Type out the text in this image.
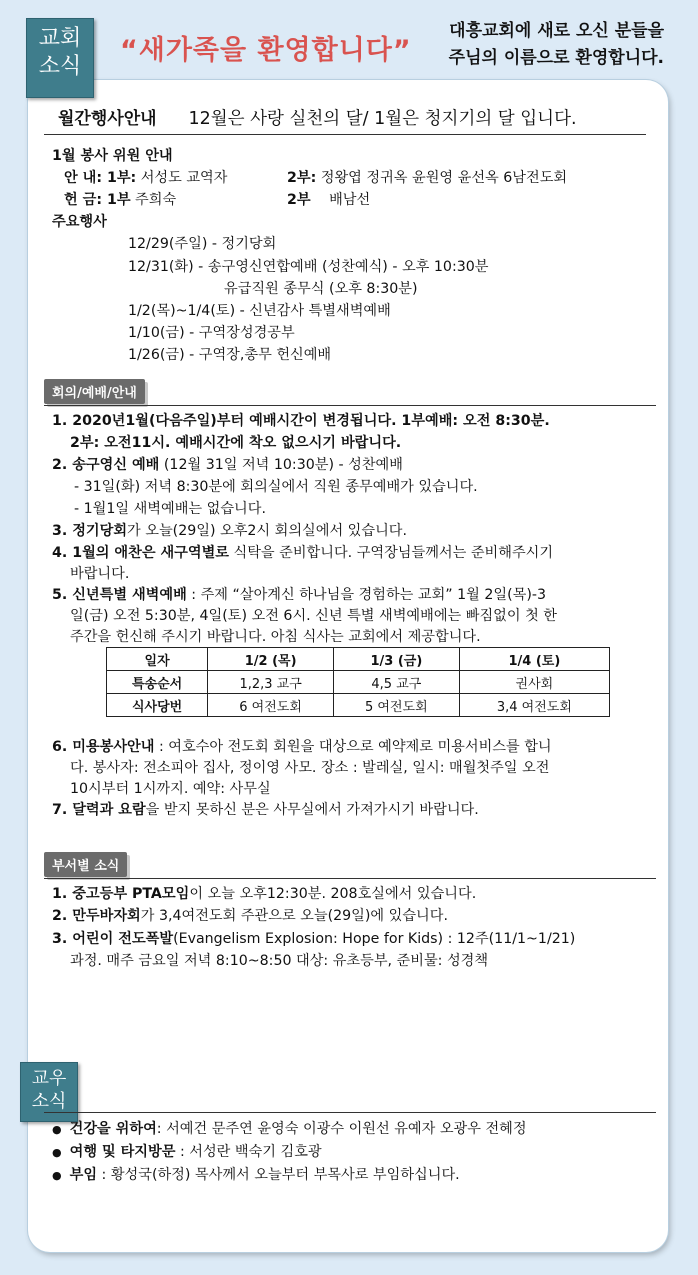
교회
소식	“새가족을 환영합니다”
대흥교회에 새로 오신 분들을
주님의 이름으로 환영합니다.
월간행사안내 12월은 사랑 실천의 달/ 1월은 청지기의 달 입니다.
1월 봉사 위원 안내
안 내: 1부: 서성도 교역자	2부: 정왕엽 정귀옥 윤원영 윤선옥 6남전도회
헌 금: 1부 주희숙	2부 배남선
주요행사
12/29(주일) - 정기당회
12/31(화) - 송구영신연합예배 (성찬예식) - 오후 10:30분
유급직원 종무식 (오후 8:30분)
1/2(목)~1/4(토) - 신년감사 특별새벽예배
1/10(금) - 구역장성경공부
1/26(금) - 구역장,총무 헌신예배
회의/예배/안내
1. 2020년1월(다음주일)부터 예배시간이 변경됩니다. 1부예배: 오전 8:30분.
2부: 오전11시. 예배시간에 착오 없으시기 바랍니다.
2. 송구영신 예배 (12월 31일 저녁 10:30분) - 성찬예배
- 31일(화) 저녁 8:30분에 회의실에서 직원 종무예배가 있습니다.
- 1월1일 새벽예배는 없습니다.
3. 정기당회가 오늘(29일) 오후2시 회의실에서 있습니다.
4. 1월의 애찬은 새구역별로 식탁을 준비합니다. 구역장님들께서는 준비해주시기
바랍니다.
5. 신년특별 새벽예배 : 주제 “살아계신 하나님을 경험하는 교회” 1월 2일(목)-3
일(금) 오전 5:30분, 4일(토) 오전 6시. 신년 특별 새벽예배에는 빠짐없이 첫 한
주간을 헌신해 주시기 바랍니다. 아침 식사는 교회에서 제공합니다.
일자	1/2 (목)	1/3 (금)	1/4 (토)
특송순서	1,2,3 교구	4,5 교구	권사회
식사당번	6 여전도회	5 여전도회	3,4 여전도회
6. 미용봉사안내 : 여호수아 전도회 회원을 대상으로 예약제로 미용서비스를 합니
다. 봉사자: 전소피아 집사, 정이영 사모. 장소 : 발레실, 일시: 매월첫주일 오전
10시부터 1시까지. 예약: 사무실
7. 달력과 요람을 받지 못하신 분은 사무실에서 가져가시기 바랍니다.
부서별 소식
1. 중고등부 PTA모임이 오늘 오후12:30분. 208호실에서 있습니다.
2. 만두바자회가 3,4여전도회 주관으로 오늘(29일)에 있습니다.
3. 어린이 전도폭발(Evangelism Explosion: Hope for Kids) : 12주(11/1~1/21)
과정. 매주 금요일 저녁 8:10~8:50 대상: 유초등부, 준비물: 성경책
교우
소식
● 건강을 위하여: 서예건 문주연 윤영숙 이광수 이원선 유예자 오광우 전혜정
● 여행 및 타지방문 : 서성란 백숙기 김호광
● 부임 : 황성국(하정) 목사께서 오늘부터 부목사로 부임하십니다.
